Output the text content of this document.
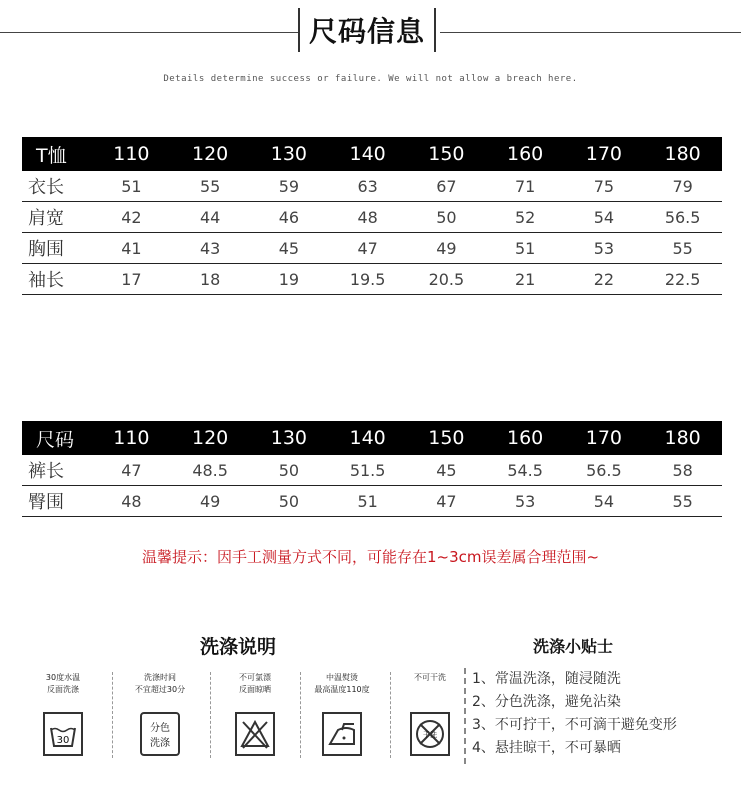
尺码信息
Details determine success or failure. We will not allow a breach here.
T恤	110	120	130	140	150	160	170	180
衣长	51	55	59	63	67	71	75	79
肩宽	42	44	46	48	50	52	54	56.5
胸围	41	43	45	47	49	51	53	55
袖长	17	18	19	19.5	20.5	21	22	22.5
尺码	110	120	130	140	150	160	170	180
裤长	47	48.5	50	51.5	45	54.5	56.5	58
臀围	48	49	50	51	47	53	54	55
温馨提示：因手工测量方式不同，可能存在1~3cm误差属合理范围~
洗涤说明	洗涤小贴士
30度水温
反面洗涤
30
洗涤时间
不宜超过30分
分色
洗涤
不可氯漂
反面晾晒
中温熨烫
最高温度110度
不可干洗
干洗
1、常温洗涤，随浸随洗
2、分色洗涤，避免沾染
3、不可拧干，不可滴干避免变形
4、悬挂晾干，不可暴晒
